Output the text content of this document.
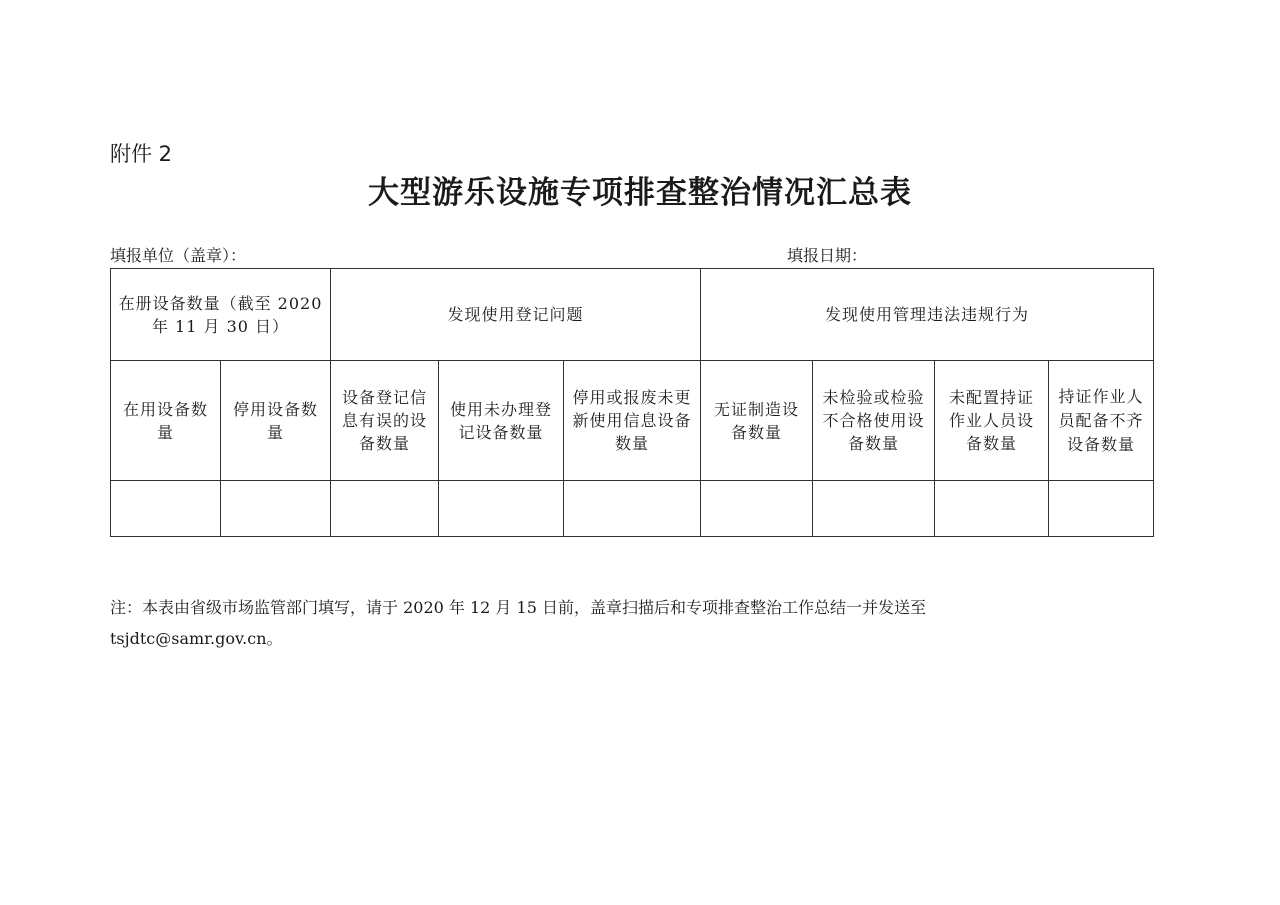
附件 2
大型游乐设施专项排查整治情况汇总表
填报单位（盖章）：	填报日期：
在册设备数量（截至 2020 年 11 月 30 日）		发现使用登记问题			发现使用管理违法违规行为			
在用设备数量	停用设备数量	设备登记信息有误的设备数量	使用未办理登记设备数量	停用或报废未更新使用信息设备数量	无证制造设备数量	未检验或检验不合格使用设备数量	未配置持证作业人员设备数量	持证作业人员配备不齐设备数量

注：本表由省级市场监管部门填写，请于 2020 年 12 月 15 日前，盖章扫描后和专项排查整治工作总结一并发送至
tsjdtc@samr.gov.cn。
